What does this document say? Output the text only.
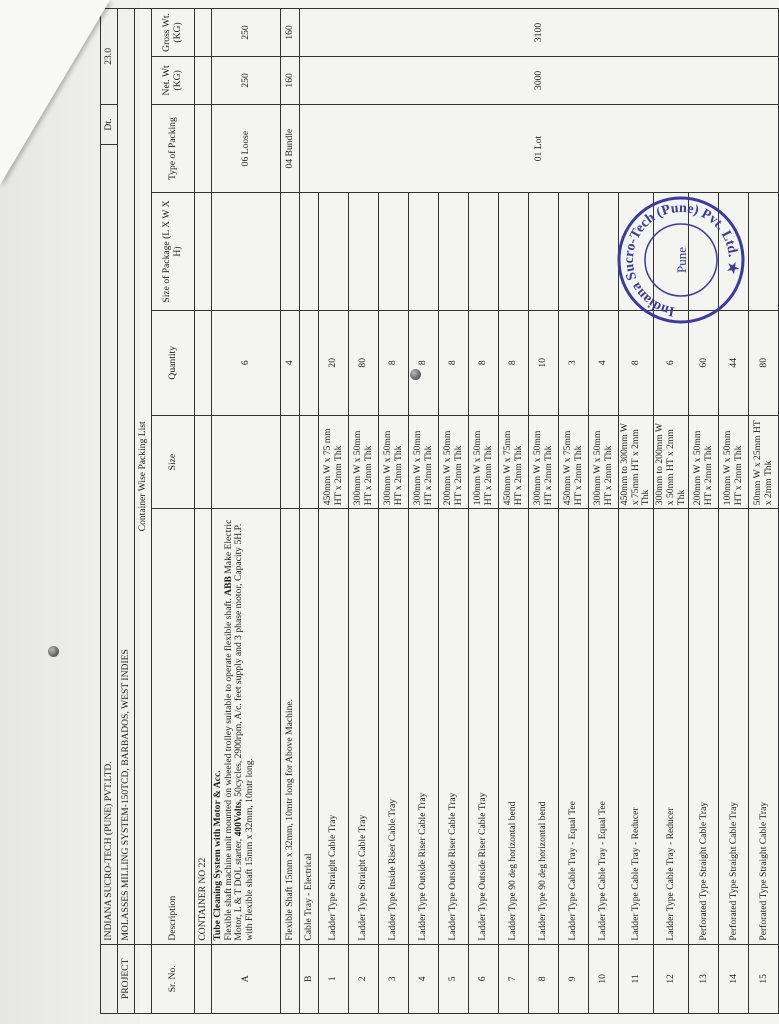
	INDIANA SUCRO-TECH (PUNE) PVT.LTD.					Dt.	23.0	
PROJECT	MOLASSES MILLING SYSTEM-150TCD, BARBADOS, WEST INDIES							
	Container Wise Packing List							
Sr. No.	Description	Size	Quantity	Size of Package (L X W X H)	Type of Packing		Net. Wt (KG)	Gross Wt. (KG)
	CONTAINER NO 22							
A	Tube Cleaning System with Motor & Acc. Flexible shaft machine unit mounted on wheeled trolley suitable to operate flexible shaft. ABB Make Electric Motor, L & T DOL starter, 400Volts, 50cycles, 2900rpm, A/c. feet supply and 3 phase motor, Capacity 5H.P. with Flexible shaft 15mm x 32mm, 10mtr long.		6		06 Loose		250	250
	Flexible Shaft 15mm x 32mm, 10mtr long for Above Machine.		4		04 Bundle		160	160
B	Cable Tray - Electrical				01 Lot		3000	3100
1	Ladder Type Straight Cable Tray	450mm W x 75 mm HT x 2mm Thk	20					
2	Ladder Type Straight Cable Tray	300mm W x 50mm HT x 2mm Thk	80					
3	Ladder Type Inside Riser Cable Tray	300mm W x 50mm HT x 2mm Thk	8					
4	Ladder Type Outside Riser Cable Tray	300mm W x 50mm HT x 2mm Thk	8					
5	Ladder Type Outside Riser Cable Tray	200mm W x 50mm HT x 2mm Thk	8					
6	Ladder Type Outside Riser Cable Tray	100mm W x 50mm HT x 2mm Thk	8					
7	Ladder Type 90 deg horizontal bend	450mm W x 75mm HT x 2mm Thk	8					
8	Ladder Type 90 deg horizontal bend	300mm W x 50mm HT x 2mm Thk	10					
9	Ladder Type Cable Tray - Equal Tee	450mm W x 75mm HT x 2mm Thk	3					
10	Ladder Type Cable Tray - Equal Tee	300mm W x 50mm HT x 2mm Thk	4					
11	Ladder Type Cable Tray - Reducer	450mm to 300mm W x 75mm HT x 2mm Thk	8					
12	Ladder Type Cable Tray - Reducer	300mm to 200mm W x 50mm HT x 2mm Thk	6					
13	Perforated Type Straight Cable Tray	200mm W x 50mm HT x 2mm Thk	60					
14	Perforated Type Straight Cable Tray	100mm W x 50mm HT x 2mm Thk	44					
15	Perforated Type Straight Cable Tray	50mm W x 25mm HT x 2mm Thk	80					
Indiana Sucro-Tech (Pune) Pvt. Ltd. ★
Pune
